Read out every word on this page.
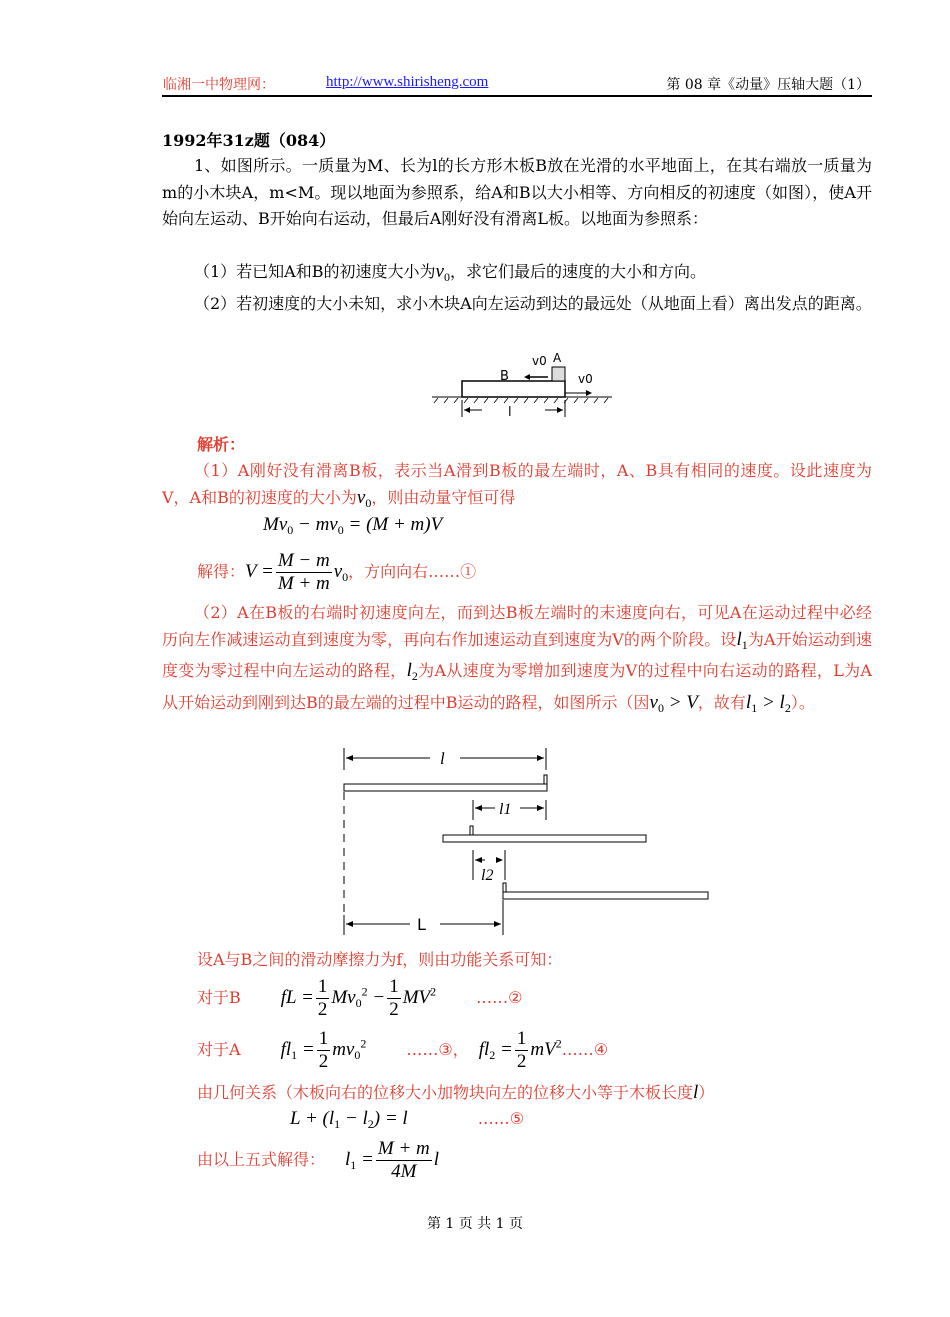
临湘一中物理网：	http://www.shirisheng.com	第 08 章《动量》压轴大题（1）
1992年31z题（084）
1、如图所示。一质量为M、长为l的长方形木板B放在光滑的水平地面上，在其右端放一质量为m的小木块A，m<M。现以地面为参照系，给A和B以大小相等、方向相反的初速度（如图），使A开始向左运动、B开始向右运动，但最后A刚好没有滑离L板。以地面为参照系：
（1）若已知A和B的初速度大小为$v_0$，求它们最后的速度的大小和方向。
（2）若初速度的大小未知，求小木块A向左运动到达的最远处（从地面上看）离出发点的距离。
B
A
v0
v0
l
解析：
（1）A刚好没有滑离B板，表示当A滑到B板的最左端时，A、B具有相同的速度。设此速度为V，A和B的初速度的大小为$v_0$，则由动量守恒可得
$Mv_0 - mv_0 = (M + m)V$
解得： $V = \frac{M - m}{M + m} v_0$ ，方向向右……①
（2）A在B板的右端时初速度向左，而到达B板左端时的末速度向右，可见A在运动过程中必经历向左作减速运动直到速度为零，再向右作加速运动直到速度为V的两个阶段。设$l_1$为A开始运动到速度变为零过程中向左运动的路程，$l_2$为A从速度为零增加到速度为V的过程中向右运动的路程，L为A从开始运动到刚到达B的最左端的过程中B运动的路程，如图所示（因$v_0 > V$，故有$l_1 > l_2$）。
l
l1
l2
L
设A与B之间的滑动摩擦力为f，则由功能关系可知：
对于B fL = $\frac{1}{2} Mv_0^2 - \frac{1}{2} MV^2$	……②
对于A $fl_1 = \frac{1}{2} mv_0^2$	……③， $fl_2 = \frac{1}{2} mV^2$ ……④
由几何关系（木板向右的位移大小加物块向左的位移大小等于木板长度l）
$L + (l_1 - l_2) = l$	……⑤
由以上五式解得： $l_1 = \frac{M + m}{4M}$ l
第 1 页 共 1 页
